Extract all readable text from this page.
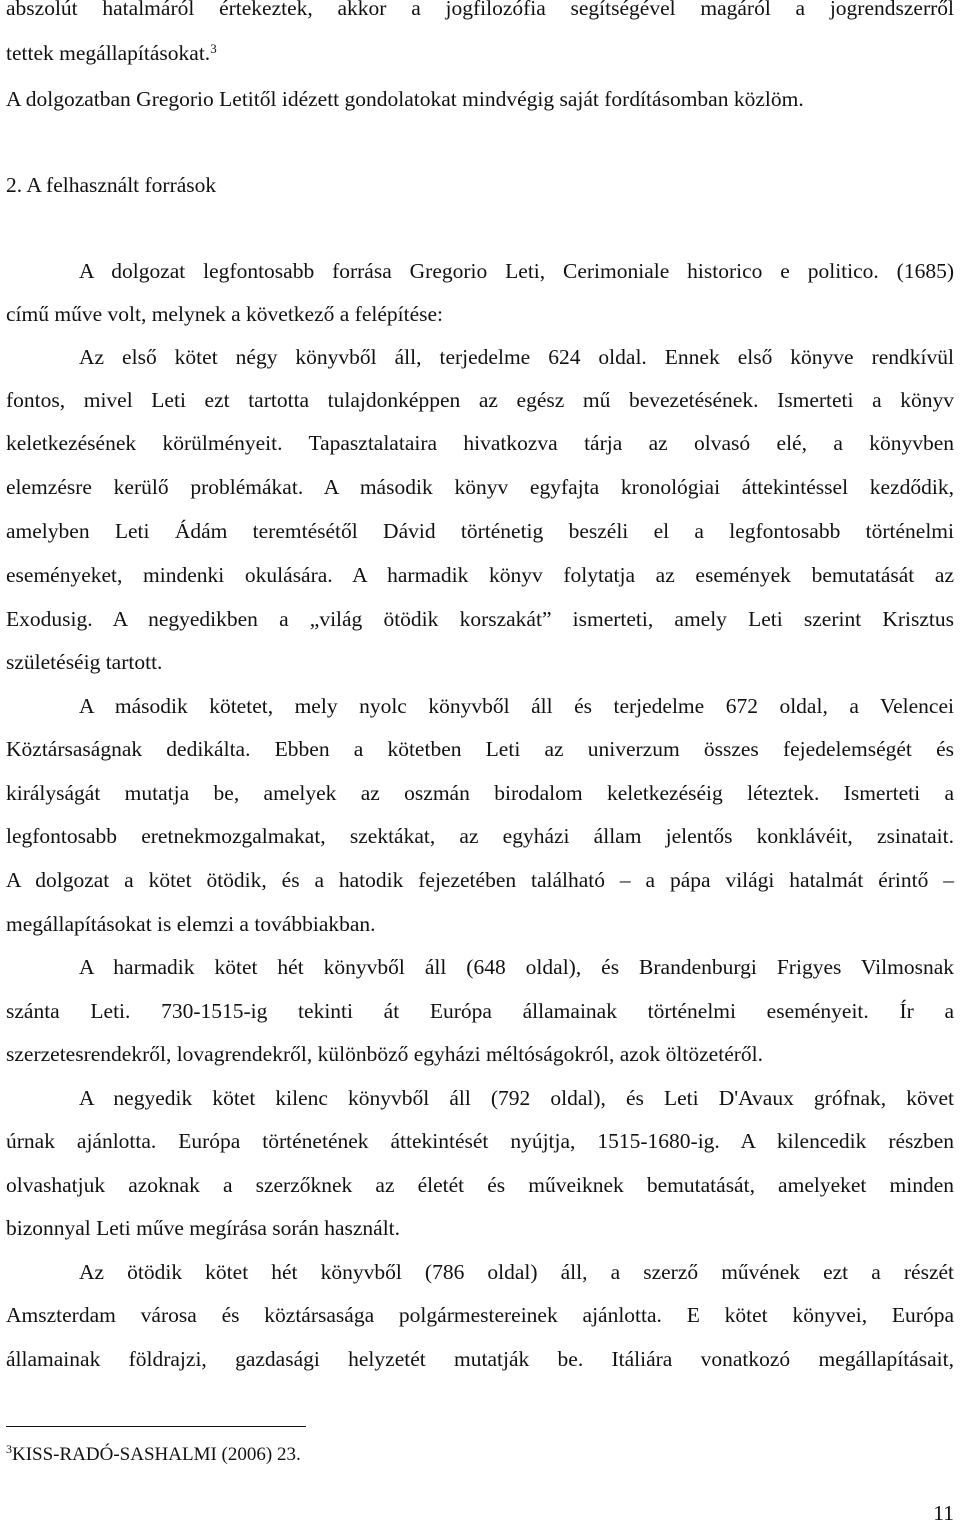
abszolút hatalmáról értekeztek, akkor a jogfilozófia segítségével magáról a jogrendszerről
tettek megállapításokat.$^3$
A dolgozatban Gregorio Letitől idézett gondolatokat mindvégig saját fordításomban közlöm.
2. A felhasznált források
A dolgozat legfontosabb forrása Gregorio Leti, Cerimoniale historico e politico. (1685)
című műve volt, melynek a következő a felépítése:
Az első kötet négy könyvből áll, terjedelme 624 oldal. Ennek első könyve rendkívül
fontos, mivel Leti ezt tartotta tulajdonképpen az egész mű bevezetésének. Ismerteti a könyv
keletkezésének körülményeit. Tapasztalataira hivatkozva tárja az olvasó elé, a könyvben
elemzésre kerülő problémákat. A második könyv egyfajta kronológiai áttekintéssel kezdődik,
amelyben Leti Ádám teremtésétől Dávid történetig beszéli el a legfontosabb történelmi
eseményeket, mindenki okulására. A harmadik könyv folytatja az események bemutatását az
Exodusig. A negyedikben a „világ ötödik korszakát” ismerteti, amely Leti szerint Krisztus
születéséig tartott.
A második kötetet, mely nyolc könyvből áll és terjedelme 672 oldal, a Velencei
Köztársaságnak dedikálta. Ebben a kötetben Leti az univerzum összes fejedelemségét és
királyságát mutatja be, amelyek az oszmán birodalom keletkezéséig léteztek. Ismerteti a
legfontosabb eretnekmozgalmakat, szektákat, az egyházi állam jelentős konklávéit, zsinatait.
A dolgozat a kötet ötödik, és a hatodik fejezetében található – a pápa világi hatalmát érintő –
megállapításokat is elemzi a továbbiakban.
A harmadik kötet hét könyvből áll (648 oldal), és Brandenburgi Frigyes Vilmosnak
szánta Leti. 730-1515-ig tekinti át Európa államainak történelmi eseményeit. Ír a
szerzetesrendekről, lovagrendekről, különböző egyházi méltóságokról, azok öltözetéről.
A negyedik kötet kilenc könyvből áll (792 oldal), és Leti D'Avaux grófnak, követ
úrnak ajánlotta. Európa történetének áttekintését nyújtja, 1515-1680-ig. A kilencedik részben
olvashatjuk azoknak a szerzőknek az életét és műveiknek bemutatását, amelyeket minden
bizonnyal Leti műve megírása során használt.
Az ötödik kötet hét könyvből (786 oldal) áll, a szerző művének ezt a részét
Amszterdam városa és köztársasága polgármestereinek ajánlotta. E kötet könyvei, Európa
államainak földrajzi, gazdasági helyzetét mutatják be. Itáliára vonatkozó megállapításait,
$^3$KISS-RADÓ-SASHALMI (2006) 23.
11
